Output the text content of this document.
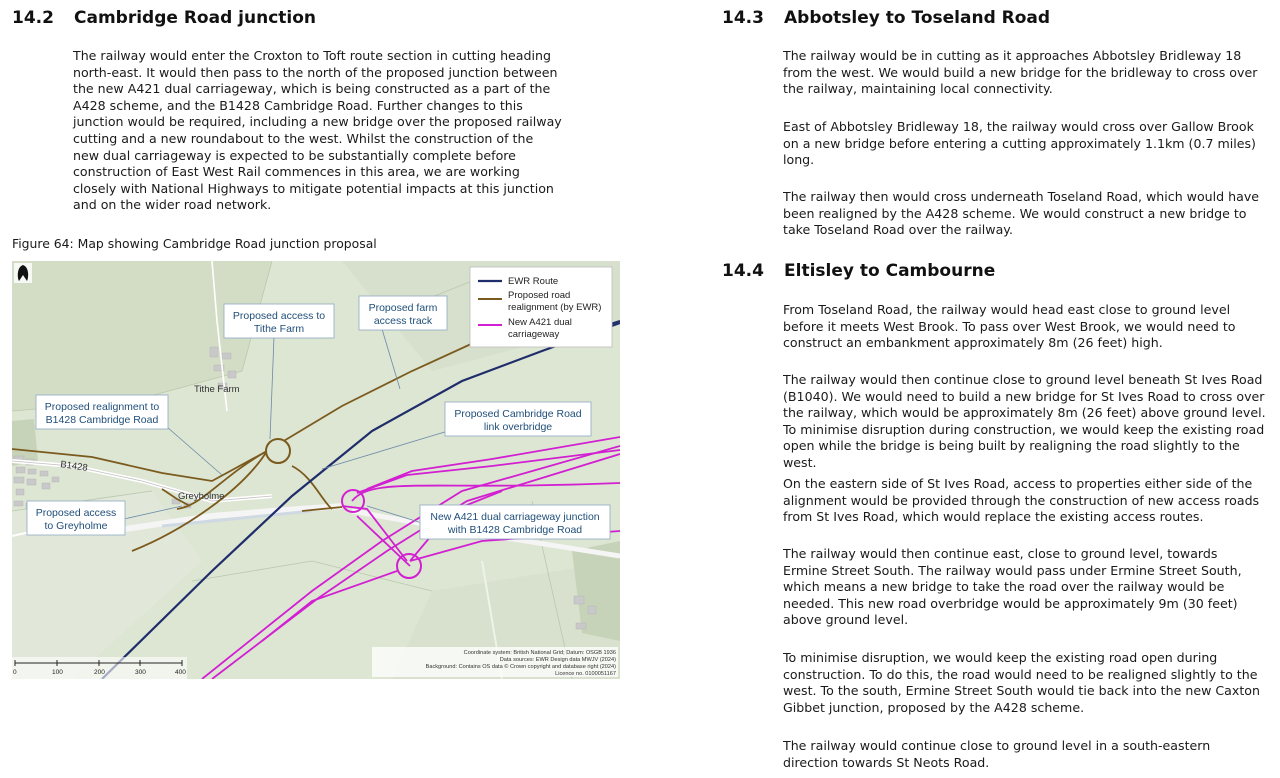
14.2 Cambridge Road junction

The railway would enter the Croxton to Toft route section in cutting heading north-east. It would then pass to the north of the proposed junction between the new A421 dual carriageway, which is being constructed as a part of the A428 scheme, and the B1428 Cambridge Road. Further changes to this junction would be required, including a new bridge over the proposed railway cutting and a new roundabout to the west. Whilst the construction of the new dual carriageway is expected to be substantially complete before construction of East West Rail commences in this area, we are working closely with National Highways to mitigate potential impacts at this junction and on the wider road network.

Figure 64: Map showing Cambridge Road junction proposal
Tithe Farm
B1428
Greyholme
Proposed access to
Tithe Farm
Proposed farm
access track
Proposed realignment to
B1428 Cambridge Road	Proposed Cambridge Road
link overbridge
Proposed access
to Greyholme
New A421 dual carriageway junction
with B1428 Cambridge Road
EWR Route
Proposed road
realignment (by EWR)
New A421 dual
carriageway
Coordinate system: British National Grid; Datum: OSGB 1936
Data sources: EWR Design data MWJV (2024)
Background: Contains OS data © Crown copyright and database right (2024)
Licence no. 0100051167
0	100	200	300	400
14.3 Abbotsley to Toseland Road

The railway would be in cutting as it approaches Abbotsley Bridleway 18 from the west. We would build a new bridge for the bridleway to cross over the railway, maintaining local connectivity.

East of Abbotsley Bridleway 18, the railway would cross over Gallow Brook on a new bridge before entering a cutting approximately 1.1km (0.7 miles) long.

The railway then would cross underneath Toseland Road, which would have been realigned by the A428 scheme. We would construct a new bridge to take Toseland Road over the railway.

14.4 Eltisley to Cambourne

From Toseland Road, the railway would head east close to ground level before it meets West Brook. To pass over West Brook, we would need to construct an embankment approximately 8m (26 feet) high.

The railway would then continue close to ground level beneath St Ives Road (B1040). We would need to build a new bridge for St Ives Road to cross over the railway, which would be approximately 8m (26 feet) above ground level. To minimise disruption during construction, we would keep the existing road open while the bridge is being built by realigning the road slightly to the west.

On the eastern side of St Ives Road, access to properties either side of the alignment would be provided through the construction of new access roads from St Ives Road, which would replace the existing access routes.

The railway would then continue east, close to ground level, towards Ermine Street South. The railway would pass under Ermine Street South, which means a new bridge to take the road over the railway would be needed. This new road overbridge would be approximately 9m (30 feet) above ground level.

To minimise disruption, we would keep the existing road open during construction. To do this, the road would need to be realigned slightly to the west. To the south, Ermine Street South would tie back into the new Caxton Gibbet junction, proposed by the A428 scheme.

The railway would continue close to ground level in a south-eastern direction towards St Neots Road.
